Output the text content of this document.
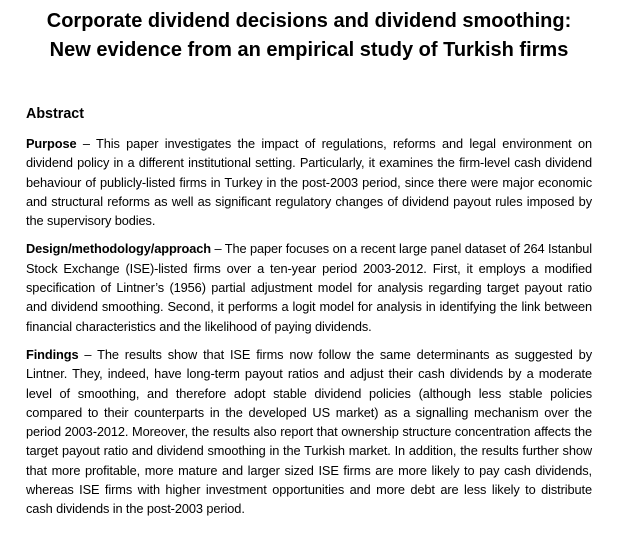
Corporate dividend decisions and dividend smoothing:
New evidence from an empirical study of Turkish firms
Abstract

Purpose – This paper investigates the impact of regulations, reforms and legal environment on dividend policy in a different institutional setting. Particularly, it examines the firm-level cash dividend behaviour of publicly-listed firms in Turkey in the post-2003 period, since there were major economic and structural reforms as well as significant regulatory changes of dividend payout rules imposed by the supervisory bodies.

Design/methodology/approach – The paper focuses on a recent large panel dataset of 264 Istanbul Stock Exchange (ISE)-listed firms over a ten-year period 2003-2012. First, it employs a modified specification of Lintner’s (1956) partial adjustment model for analysis regarding target payout ratio and dividend smoothing. Second, it performs a logit model for analysis in identifying the link between financial characteristics and the likelihood of paying dividends.

Findings – The results show that ISE firms now follow the same determinants as suggested by Lintner. They, indeed, have long-term payout ratios and adjust their cash dividends by a moderate level of smoothing, and therefore adopt stable dividend policies (although less stable policies compared to their counterparts in the developed US market) as a signalling mechanism over the period 2003-2012. Moreover, the results also report that ownership structure concentration affects the target payout ratio and dividend smoothing in the Turkish market. In addition, the results further show that more profitable, more mature and larger sized ISE firms are more likely to pay cash dividends, whereas ISE firms with higher investment opportunities and more debt are less likely to distribute cash dividends in the post-2003 period.
